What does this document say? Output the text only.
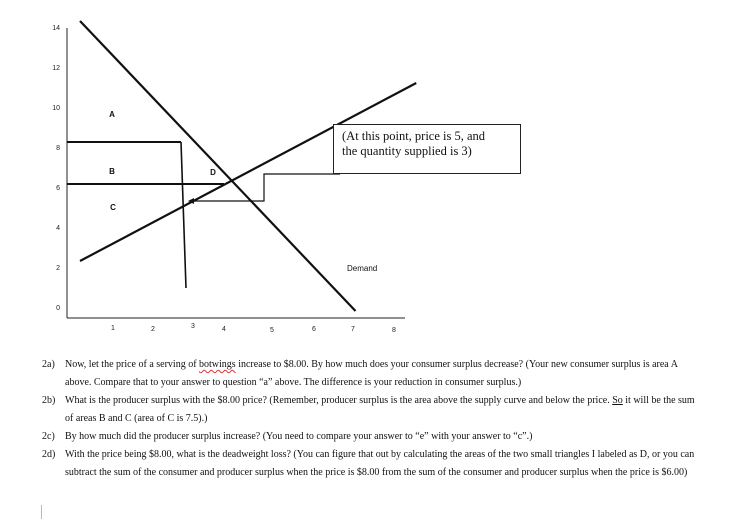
14
12
10
8
6
4
2
0
1	2	3	4	5	6	7	8
A
B
C
D
Demand
(At this point, price is 5, and
the quantity supplied is 3)
2a) Now, let the price of a serving of botwings increase to $8.00. By how much does your consumer surplus decrease? (Your new consumer surplus is area A above. Compare that to your answer to question “a” above. The difference is your reduction in consumer surplus.)
2b) What is the producer surplus with the $8.00 price? (Remember, producer surplus is the area above the supply curve and below the price. So it will be the sum of areas B and C (area of C is 7.5).)
2c) By how much did the producer surplus increase? (You need to compare your answer to “e” with your answer to “c”.)
2d) With the price being $8.00, what is the deadweight loss? (You can figure that out by calculating the areas of the two small triangles I labeled as D, or you can subtract the sum of the consumer and producer surplus when the price is $8.00 from the sum of the consumer and producer surplus when the price is $6.00)
